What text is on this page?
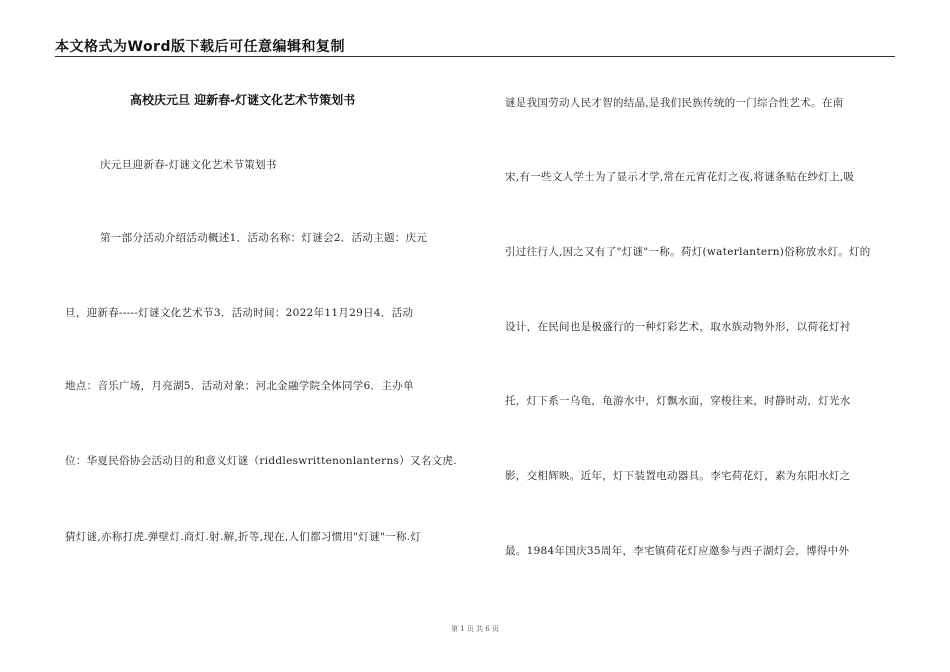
本文格式为Word版下载后可任意编辑和复制
高校庆元旦 迎新春-灯谜文化艺术节策划书
庆元旦迎新春-灯谜文化艺术节策划书
第一部分活动介绍活动概述1．活动名称：灯谜会2．活动主题：庆元
旦，迎新春-----灯谜文化艺术节3．活动时间：2022年11月29日4．活动
地点：音乐广场，月亮湖5．活动对象：河北金融学院全体同学6．主办单
位：华夏民俗协会活动目的和意义灯谜（riddleswrittenonlanterns）又名文虎.
猜灯谜,亦称打虎.弹壁灯.商灯.射.解,折等,现在,人们都习惯用"灯谜"一称.灯
谜是我国劳动人民才智的结晶,是我们民族传统的一门综合性艺术。在南
宋,有一些文人学士为了显示才学,常在元宵花灯之夜,将谜条贴在纱灯上,吸
引过往行人,因之又有了"灯谜"一称。荷灯(waterlantern)俗称放水灯。灯的
设计，在民间也是极盛行的一种灯彩艺术，取水族动物外形，以荷花灯衬
托，灯下系一乌龟，龟游水中，灯飘水面，穿梭往来，时静时动，灯光水
影，交相辉映。近年，灯下装置电动器具。李宅荷花灯，素为东阳水灯之
最。1984年国庆35周年，李宅镇荷花灯应邀参与西子湖灯会，博得中外
第 1 页 共 6 页
